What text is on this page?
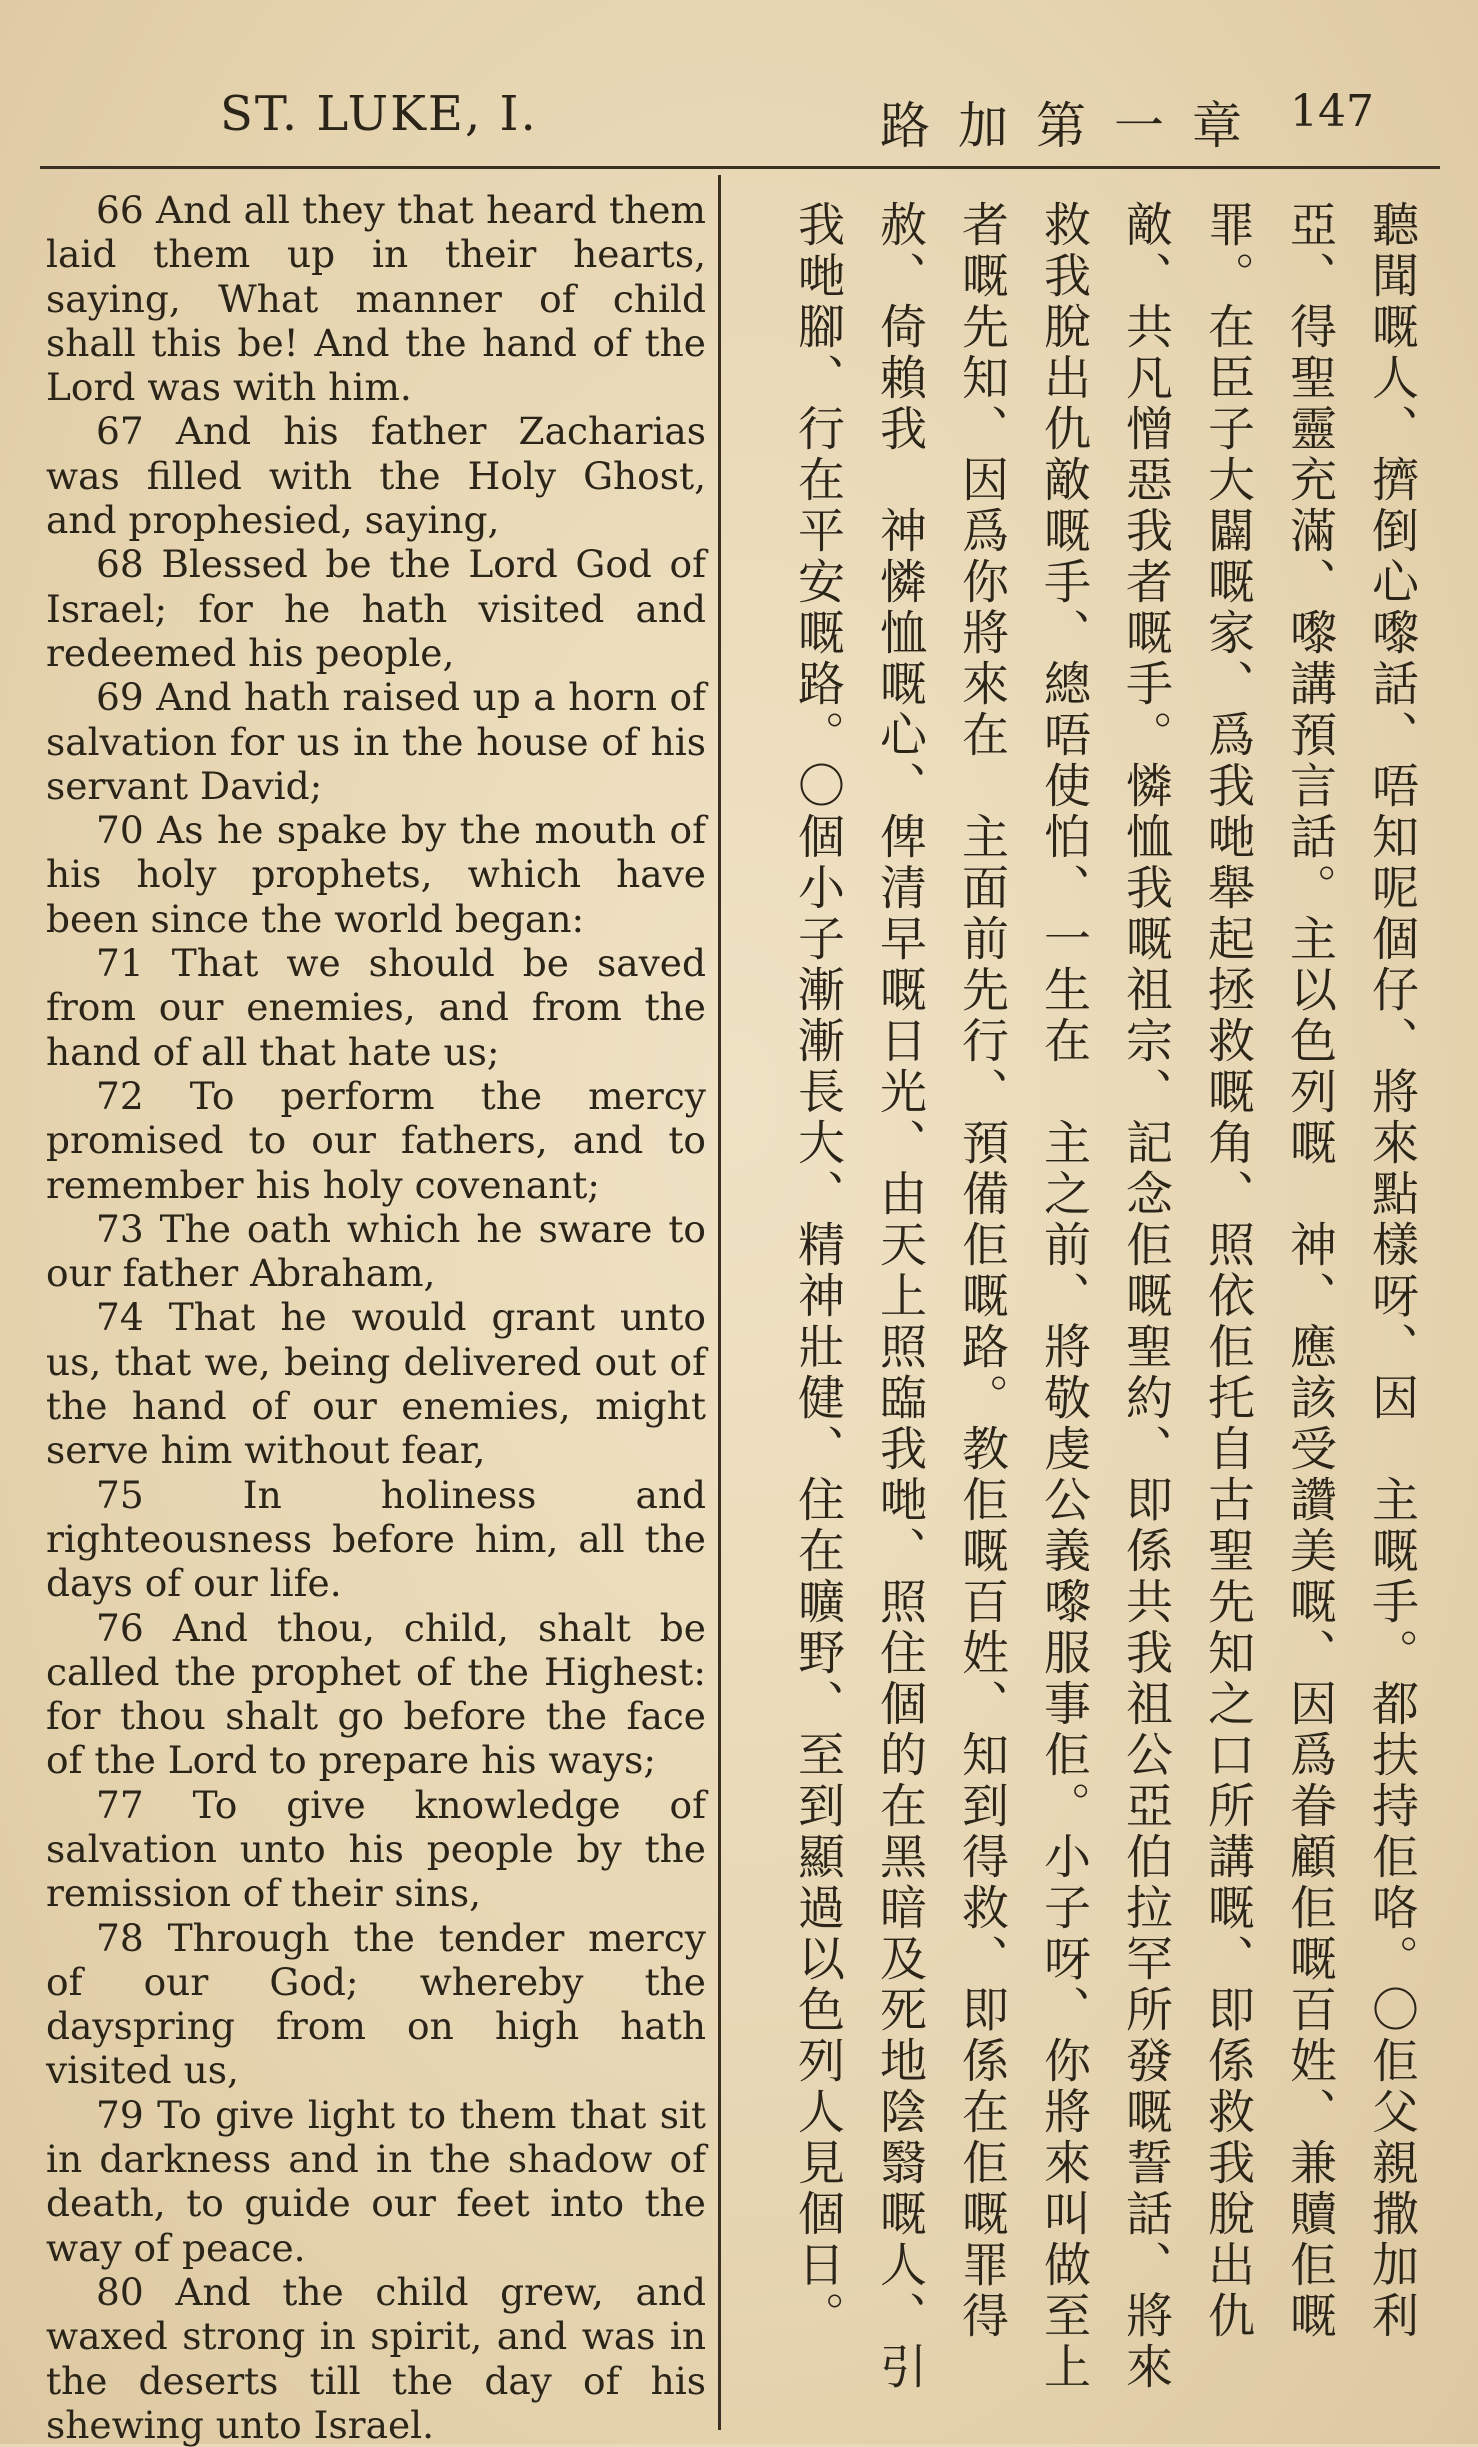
ST. LUKE, I.	路加第一章 147

66 And all they that heard them laid them up in their hearts, saying, What manner of child shall this be! And the hand of the Lord was with him.

67 And his father Zacharias was filled with the Holy Ghost, and prophesied, saying,

68 Blessed be the Lord God of Israel; for he hath visited and redeemed his people,

69 And hath raised up a horn of salvation for us in the house of his servant David;

70 As he spake by the mouth of his holy prophets, which have been since the world began:

71 That we should be saved from our enemies, and from the hand of all that hate us;

72 To perform the mercy promised to our fathers, and to remember his holy covenant;

73 The oath which he sware to our father Abraham,

74 That he would grant unto us, that we, being delivered out of the hand of our enemies, might serve him without fear,

75 In holiness and righteousness before him, all the days of our life.

76 And thou, child, shalt be called the prophet of the Highest: for thou shalt go before the face of the Lord to prepare his ways;

77 To give knowledge of salvation unto his people by the remission of their sins,

78 Through the tender mercy of our God; whereby the dayspring from on high hath visited us,

79 To give light to them that sit in darkness and in the shadow of death, to guide our feet into the way of peace.

80 And the child grew, and waxed strong in spirit, and was in the deserts till the day of his shewing unto Israel.

聽聞嘅人、擠倒心嚟話、唔知呢個仔、將來點樣呀、因　主嘅手。都扶持佢咯。〇佢父親撒加利亞、得聖靈充滿、嚟講預言話。主以色列嘅　神、應該受讚美嘅、因爲眷顧佢嘅百姓、兼贖佢嘅罪。在臣子大闢嘅家、爲我哋舉起拯救嘅角、照依佢托自古聖先知之口所講嘅、即係救我脫出仇敵、共凡憎惡我者嘅手。憐恤我嘅祖宗、記念佢嘅聖約、即係共我祖公亞伯拉罕所發嘅誓話、將來救我脫出仇敵嘅手、總唔使怕、一生在　主之前、將敬虔公義嚟服事佢。小子呀、你將來叫做至上者嘅先知、因爲你將來在　主面前先行、預備佢嘅路。教佢嘅百姓、知到得救、即係在佢嘅罪得赦、倚賴我　神憐恤嘅心、俾清早嘅日光、由天上照臨我哋、照住個的在黑暗及死地陰翳嘅人、引我哋腳、行在平安嘅路。〇個小子漸漸長大、精神壯健、住在曠野、至到顯過以色列人見個日。
